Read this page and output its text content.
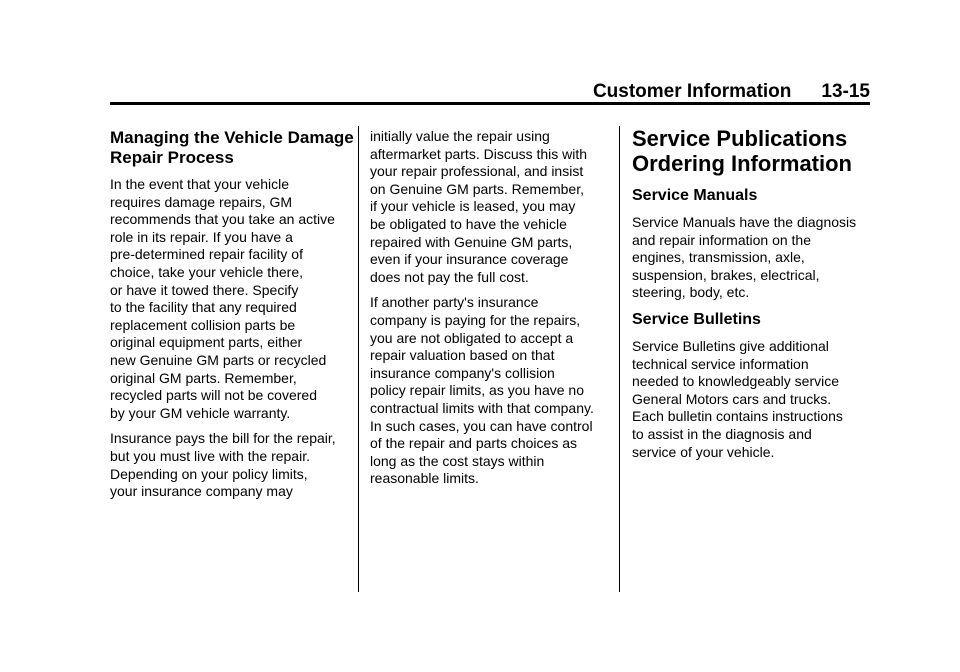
Customer Information 13-15
Managing the Vehicle Damage
Repair Process

In the event that your vehicle
requires damage repairs, GM
recommends that you take an active
role in its repair. If you have a
pre-determined repair facility of
choice, take your vehicle there,
or have it towed there. Specify
to the facility that any required
replacement collision parts be
original equipment parts, either
new Genuine GM parts or recycled
original GM parts. Remember,
recycled parts will not be covered
by your GM vehicle warranty.

Insurance pays the bill for the repair,
but you must live with the repair.
Depending on your policy limits,
your insurance company may

initially value the repair using
aftermarket parts. Discuss this with
your repair professional, and insist
on Genuine GM parts. Remember,
if your vehicle is leased, you may
be obligated to have the vehicle
repaired with Genuine GM parts,
even if your insurance coverage
does not pay the full cost.

If another party's insurance
company is paying for the repairs,
you are not obligated to accept a
repair valuation based on that
insurance company's collision
policy repair limits, as you have no
contractual limits with that company.
In such cases, you can have control
of the repair and parts choices as
long as the cost stays within
reasonable limits.

Service Publications
Ordering Information
Service Manuals

Service Manuals have the diagnosis
and repair information on the
engines, transmission, axle,
suspension, brakes, electrical,
steering, body, etc.

Service Bulletins

Service Bulletins give additional
technical service information
needed to knowledgeably service
General Motors cars and trucks.
Each bulletin contains instructions
to assist in the diagnosis and
service of your vehicle.
